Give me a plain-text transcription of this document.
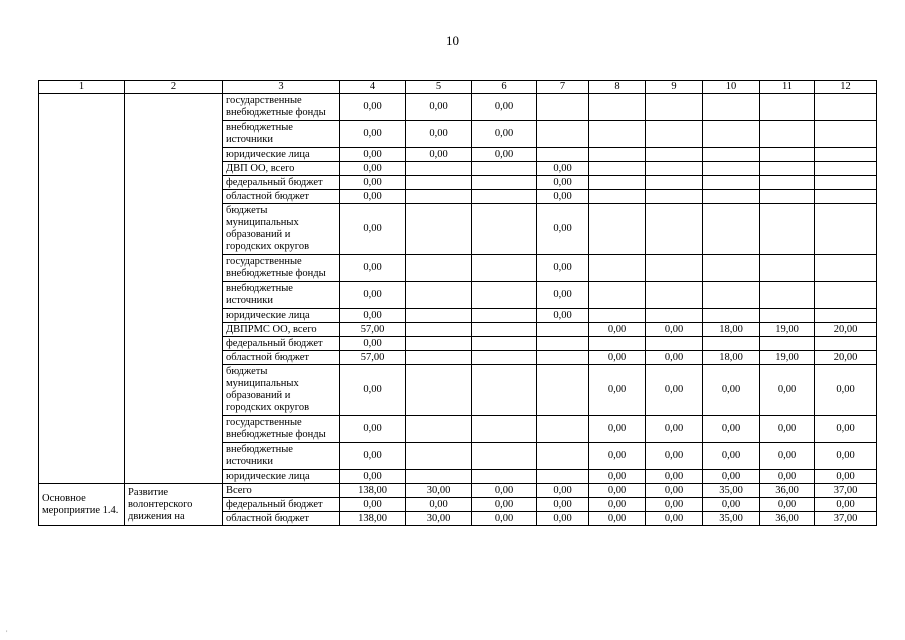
10
1	2	3	4	5	6	7	8	9	10	11	12
		государственные внебюджетные фонды	0,00	0,00	0,00						
		внебюджетные источники	0,00	0,00	0,00						
		юридические лица	0,00	0,00	0,00						
		ДВП ОО, всего	0,00			0,00					
		федеральный бюджет	0,00			0,00					
		областной бюджет	0,00			0,00					
		бюджеты муниципальных образований и городских округов	0,00			0,00					
		государственные внебюджетные фонды	0,00			0,00					
		внебюджетные источники	0,00			0,00					
		юридические лица	0,00			0,00					
		ДВПРМС ОО, всего	57,00				0,00	0,00	18,00	19,00	20,00
		федеральный бюджет	0,00								
		областной бюджет	57,00				0,00	0,00	18,00	19,00	20,00
		бюджеты муниципальных образований и городских округов	0,00				0,00	0,00	0,00	0,00	0,00
		государственные внебюджетные фонды	0,00				0,00	0,00	0,00	0,00	0,00
		внебюджетные источники	0,00				0,00	0,00	0,00	0,00	0,00
		юридические лица	0,00				0,00	0,00	0,00	0,00	0,00
Основное мероприятие 1.4.	Развитие волонтерского движения на	Всего	138,00	30,00	0,00	0,00	0,00	0,00	35,00	36,00	37,00
		федеральный бюджет	0,00	0,00	0,00	0,00	0,00	0,00	0,00	0,00	0,00
		областной бюджет	138,00	30,00	0,00	0,00	0,00	0,00	35,00	36,00	37,00
,
